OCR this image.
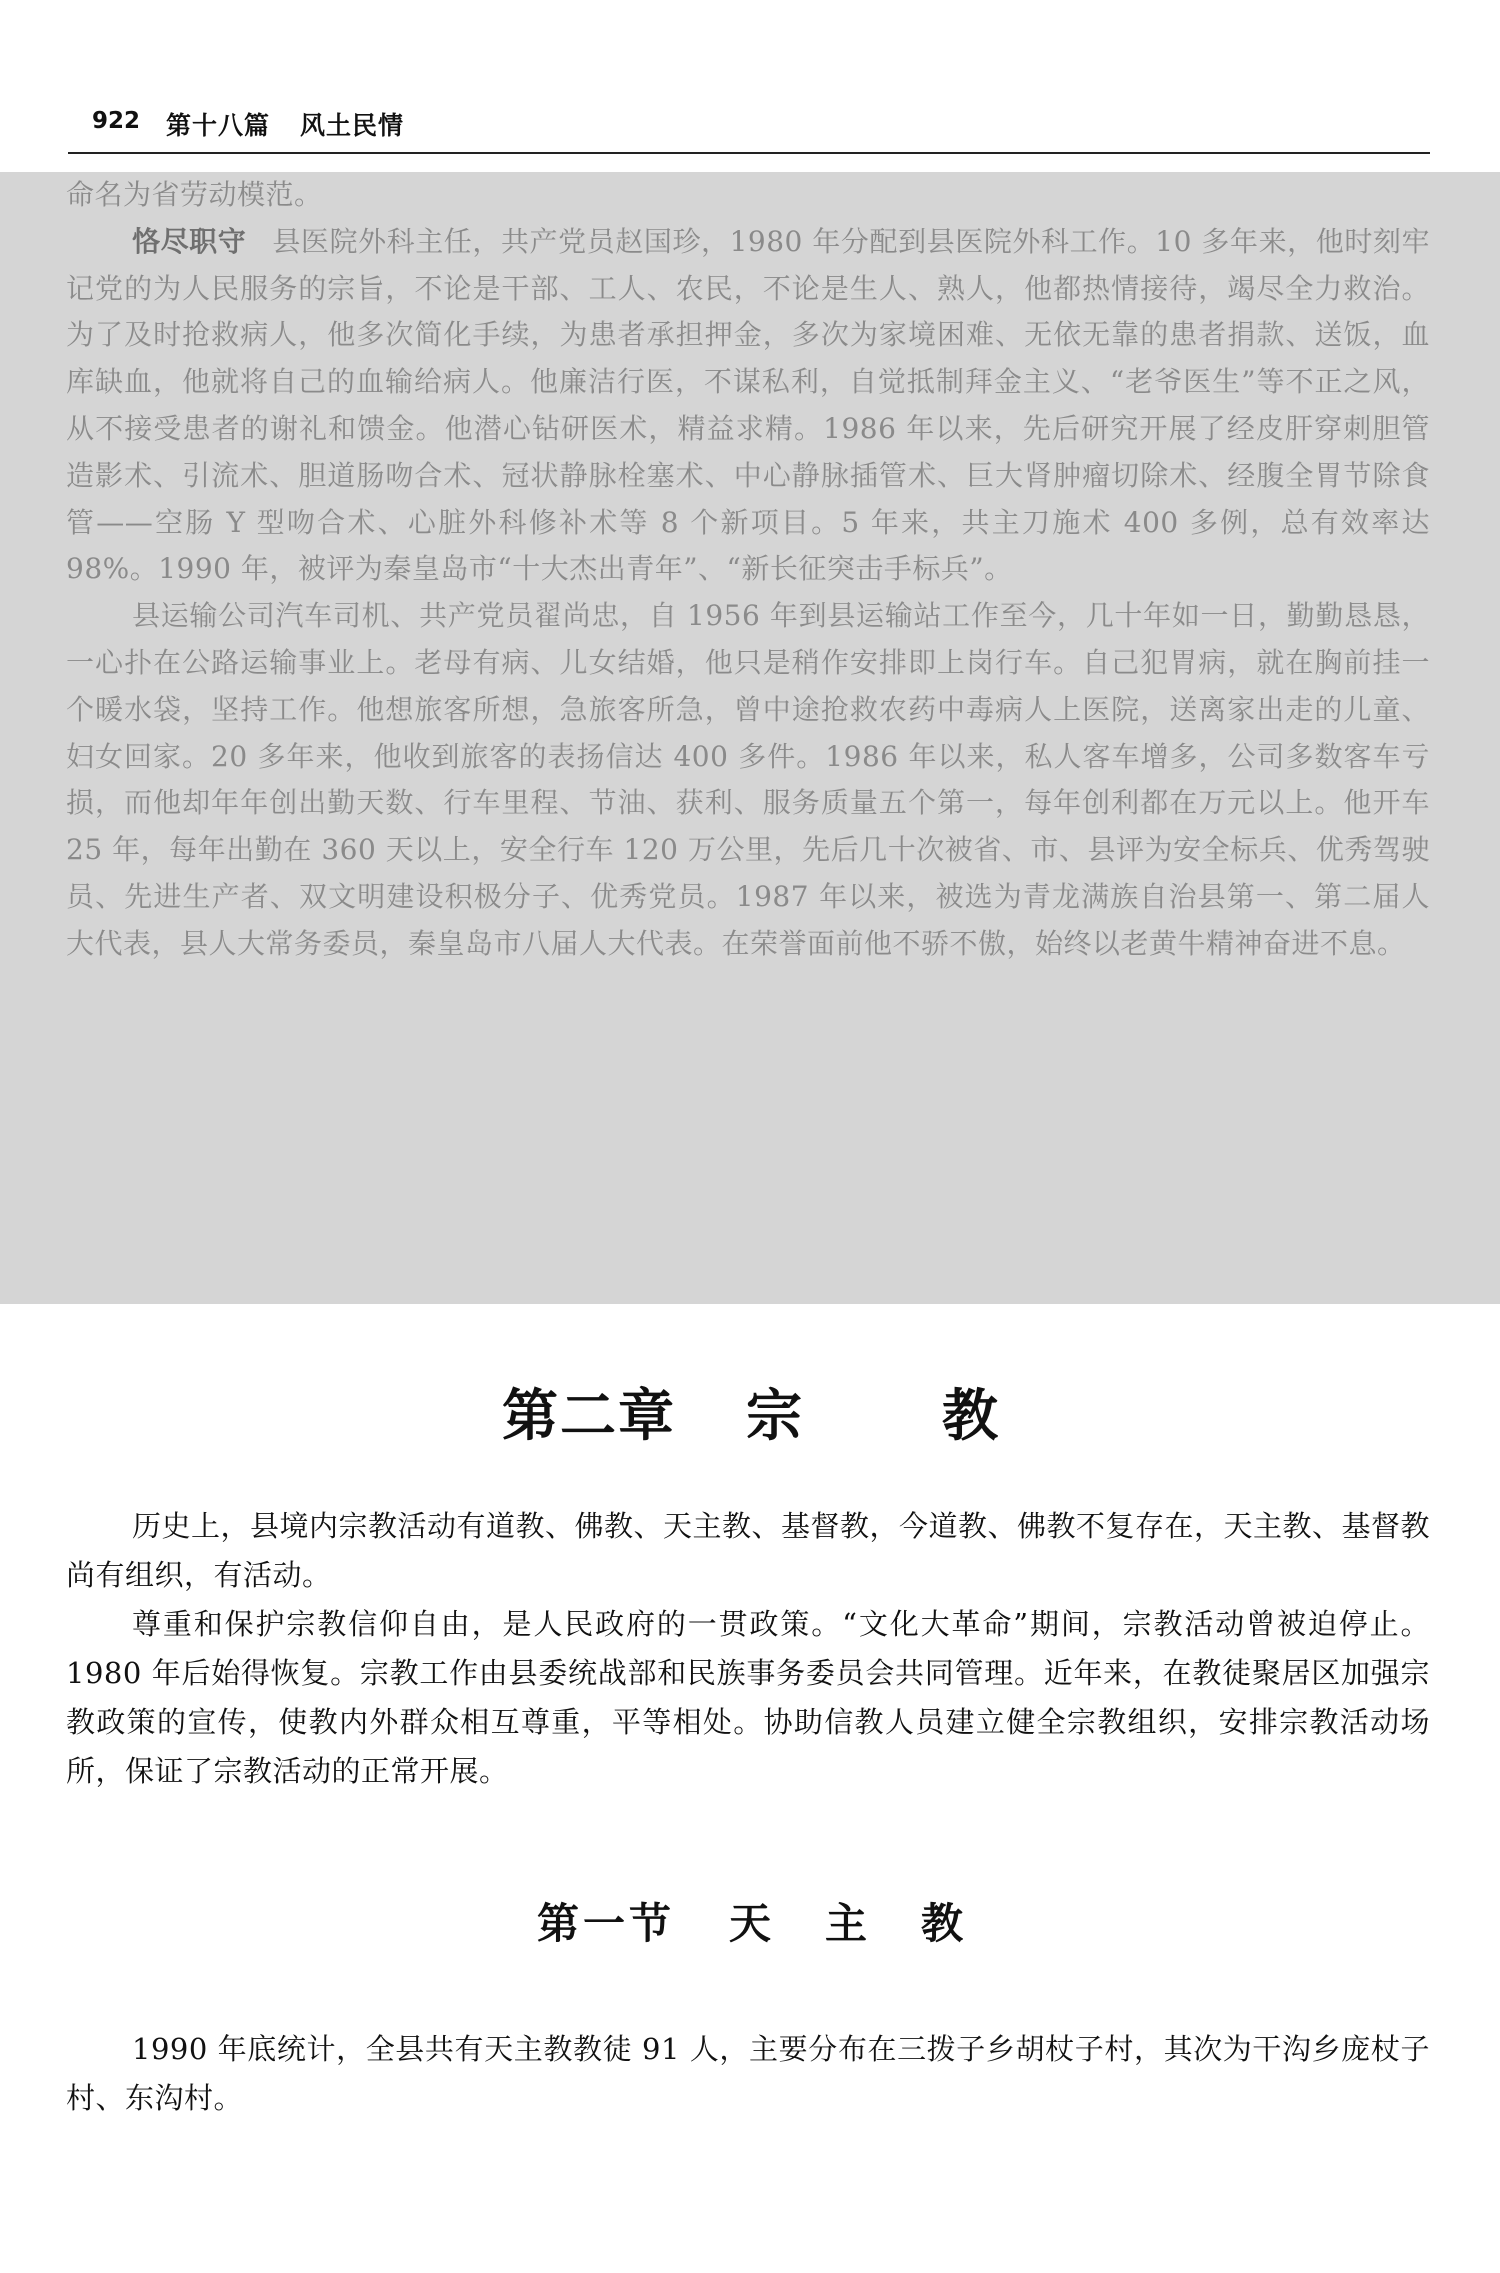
922 第十八篇 风土民情

命名为省劳动模范。

恪尽职守 县医院外科主任，共产党员赵国珍，1980 年分配到县医院外科工作。10 多年来，他时刻牢记党的为人民服务的宗旨，不论是干部、工人、农民，不论是生人、熟人，他都热情接待，竭尽全力救治。为了及时抢救病人，他多次简化手续，为患者承担押金，多次为家境困难、无依无靠的患者捐款、送饭，血库缺血，他就将自己的血输给病人。他廉洁行医，不谋私利，自觉抵制拜金主义、“老爷医生”等不正之风，从不接受患者的谢礼和馈金。他潜心钻研医术，精益求精。1986 年以来，先后研究开展了经皮肝穿刺胆管造影术、引流术、胆道肠吻合术、冠状静脉栓塞术、中心静脉插管术、巨大肾肿瘤切除术、经腹全胃节除食管——空肠 Y 型吻合术、心脏外科修补术等 8 个新项目。5 年来，共主刀施术 400 多例，总有效率达 98%。1990 年，被评为秦皇岛市“十大杰出青年”、“新长征突击手标兵”。

县运输公司汽车司机、共产党员翟尚忠，自 1956 年到县运输站工作至今，几十年如一日，勤勤恳恳，一心扑在公路运输事业上。老母有病、儿女结婚，他只是稍作安排即上岗行车。自己犯胃病，就在胸前挂一个暖水袋，坚持工作。他想旅客所想，急旅客所急，曾中途抢救农药中毒病人上医院，送离家出走的儿童、妇女回家。20 多年来，他收到旅客的表扬信达 400 多件。1986 年以来，私人客车增多，公司多数客车亏损，而他却年年创出勤天数、行车里程、节油、获利、服务质量五个第一，每年创利都在万元以上。他开车 25 年，每年出勤在 360 天以上，安全行车 120 万公里，先后几十次被省、市、县评为安全标兵、优秀驾驶员、先进生产者、双文明建设积极分子、优秀党员。1987 年以来，被选为青龙满族自治县第一、第二届人大代表，县人大常务委员，秦皇岛市八届人大代表。在荣誉面前他不骄不傲，始终以老黄牛精神奋进不息。

第二章 宗教

历史上，县境内宗教活动有道教、佛教、天主教、基督教，今道教、佛教不复存在，天主教、基督教尚有组织，有活动。

尊重和保护宗教信仰自由，是人民政府的一贯政策。“文化大革命”期间，宗教活动曾被迫停止。1980 年后始得恢复。宗教工作由县委统战部和民族事务委员会共同管理。近年来，在教徒聚居区加强宗教政策的宣传，使教内外群众相互尊重，平等相处。协助信教人员建立健全宗教组织，安排宗教活动场所，保证了宗教活动的正常开展。

第一节 天主教

1990 年底统计，全县共有天主教教徒 91 人，主要分布在三拨子乡胡杖子村，其次为干沟乡庞杖子村、东沟村。
